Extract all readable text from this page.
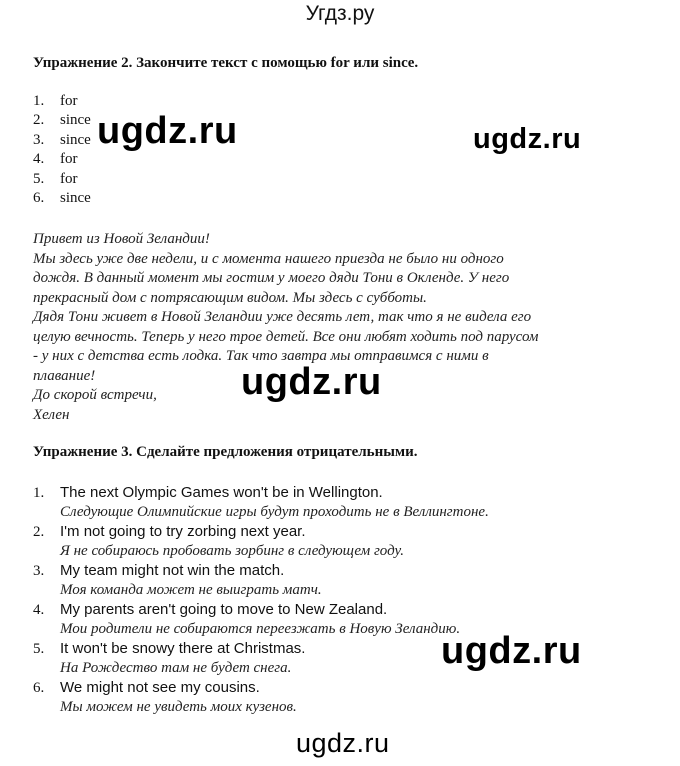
Угдз.ру
Упражнение 2. Закончите текст с помощью for или since.
1. for
2. since
3. since
4. for
5. for
6. since
Привет из Новой Зеландии!
Мы здесь уже две недели, и с момента нашего приезда не было ни одного
дождя. В данный момент мы гостим у моего дяди Тони в Окленде. У него
прекрасный дом с потрясающим видом. Мы здесь с субботы.
Дядя Тони живет в Новой Зеландии уже десять лет, так что я не видела его
целую вечность. Теперь у него трое детей. Все они любят ходить под парусом
- у них с детства есть лодка. Так что завтра мы отправимся с ними в
плавание!
До скорой встречи,
Хелен
Упражнение 3. Сделайте предложения отрицательными.
1. The next Olympic Games won't be in Wellington.
Следующие Олимпийские игры будут проходить не в Веллингтоне.
2. I'm not going to try zorbing next year.
Я не собираюсь пробовать зорбинг в следующем году.
3. My team might not win the match.
Моя команда может не выиграть матч.
4. My parents aren't going to move to New Zealand.
Мои родители не собираются переезжать в Новую Зеландию.
5. It won't be snowy there at Christmas.
На Рождество там не будет снега.
6. We might not see my cousins.
Мы можем не увидеть моих кузенов.
ugdz.ru	ugdz.ru
ugdz.ru
ugdz.ru
ugdz.ru
